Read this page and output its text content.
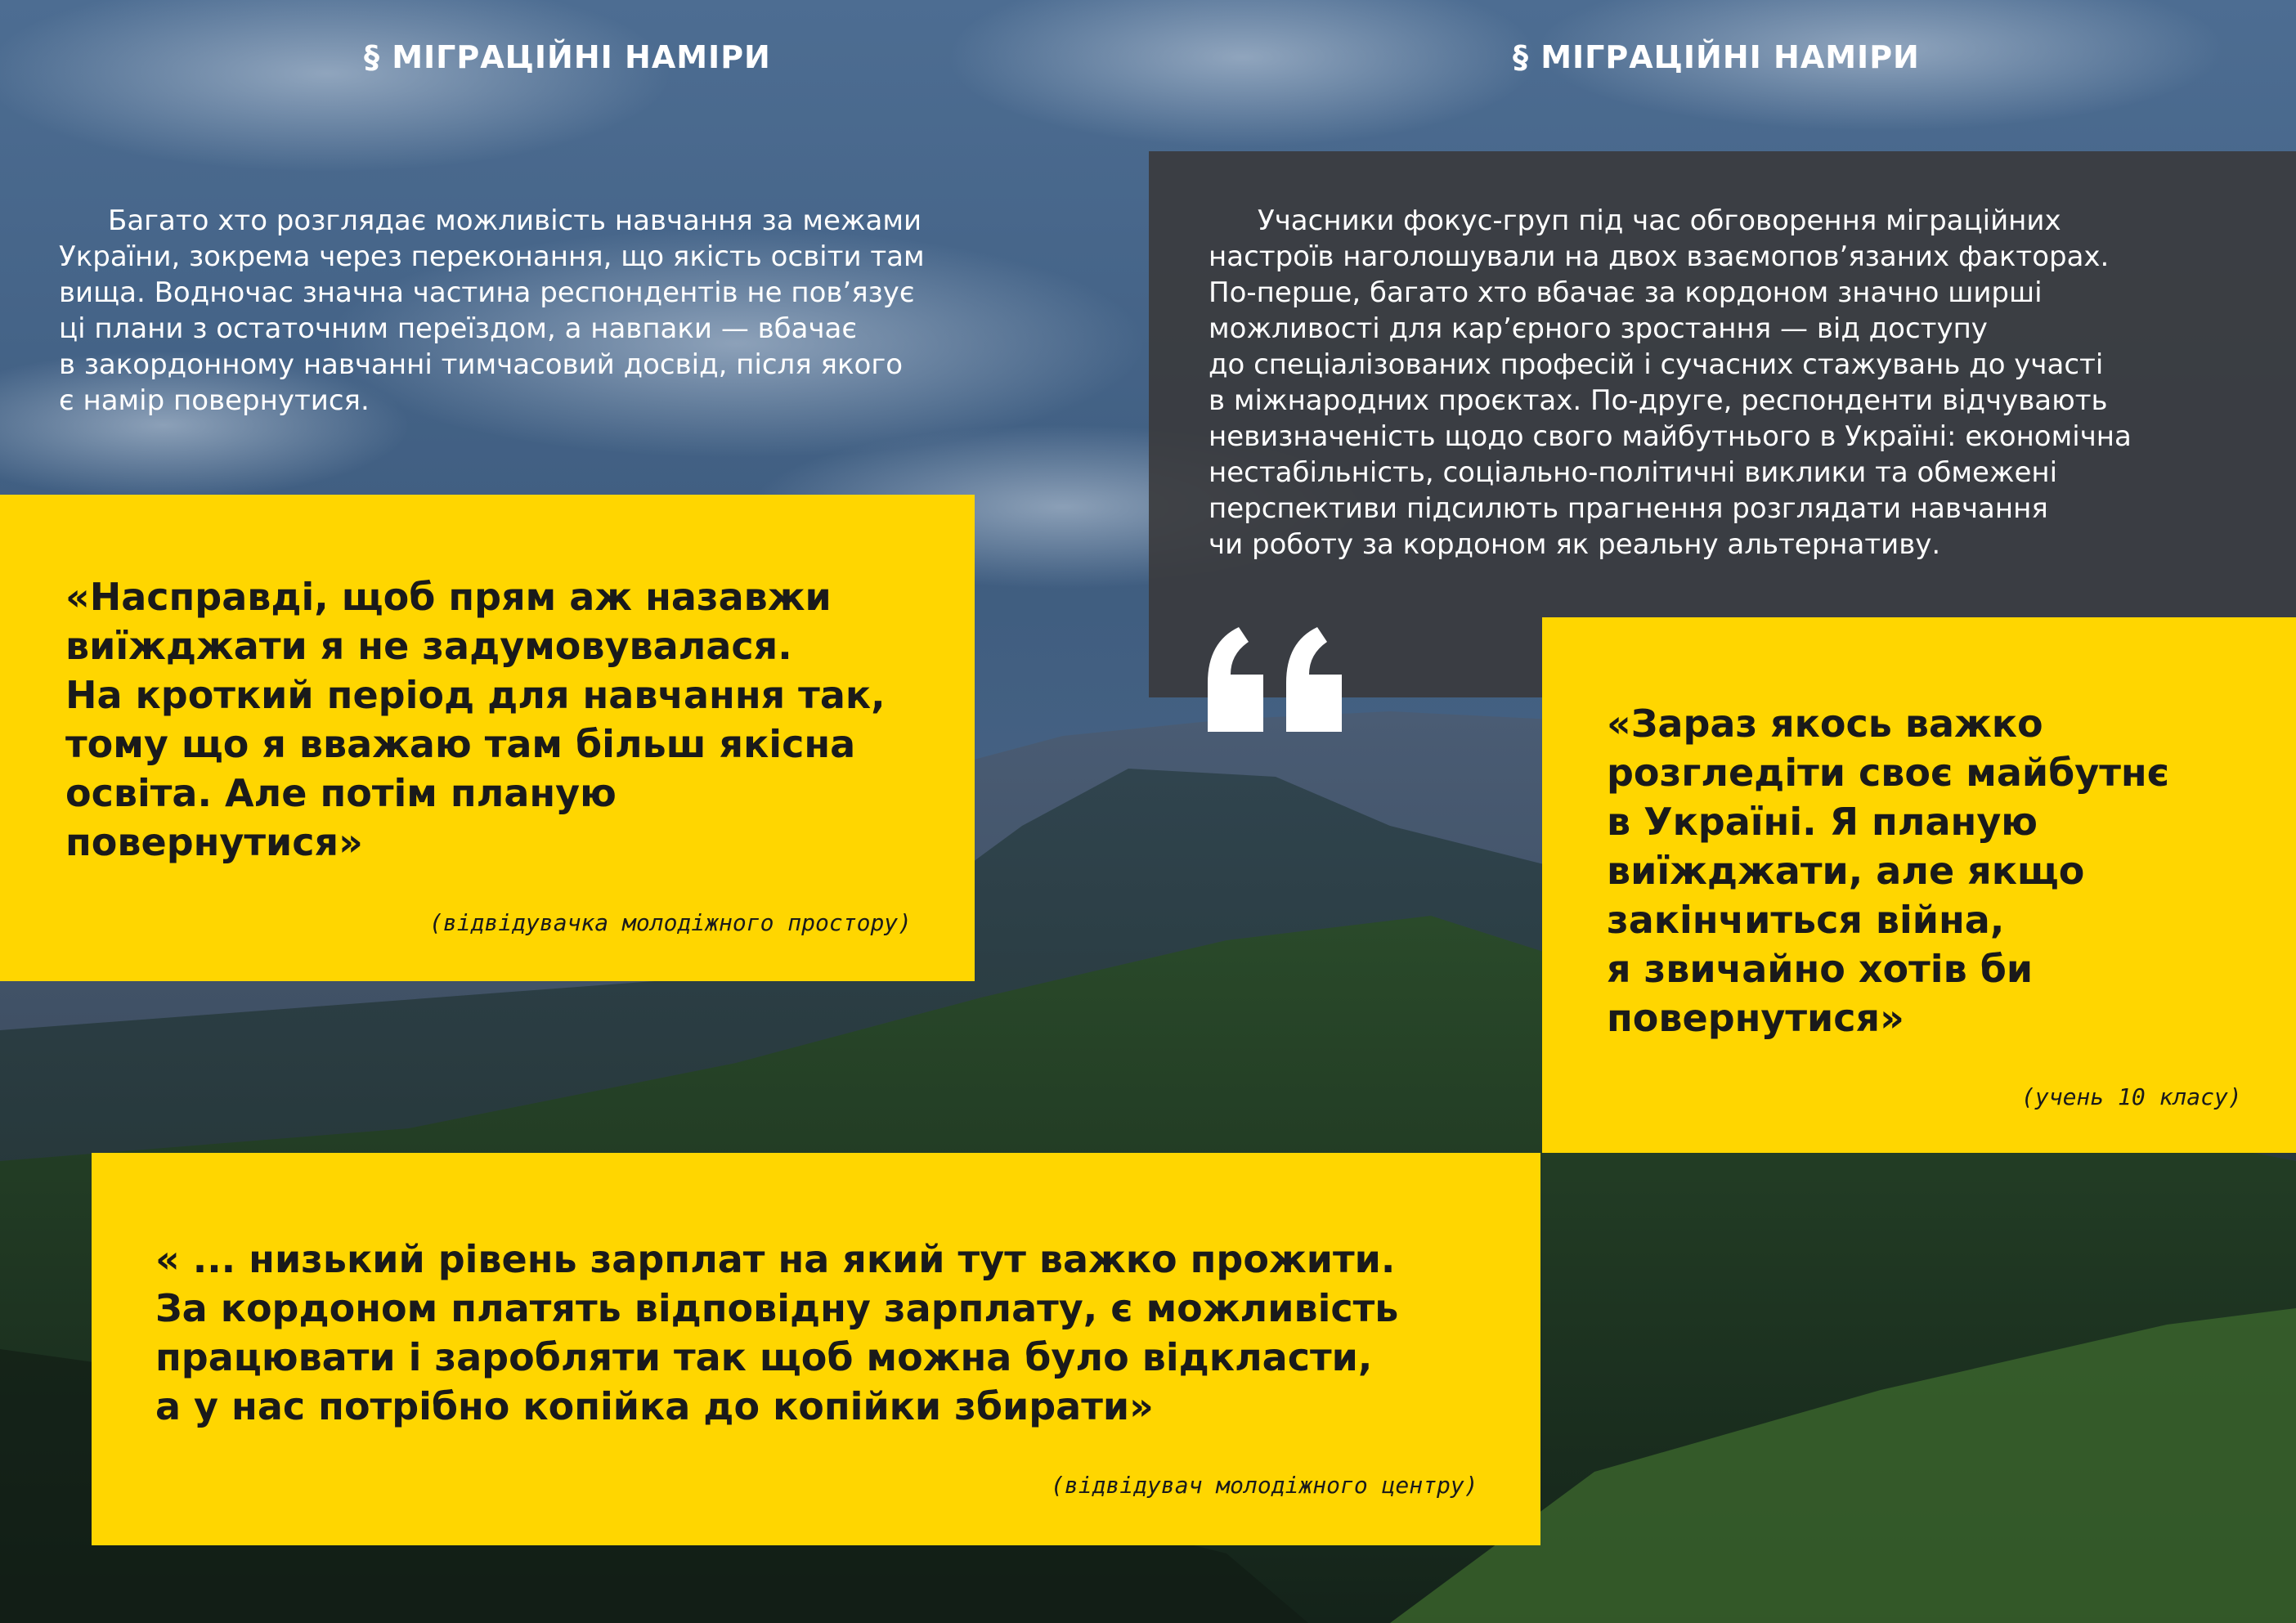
§ МІГРАЦІЙНІ НАМІРИ	§ МІГРАЦІЙНІ НАМІРИ

Багато хто розглядає можливість навчання за межами
України, зокрема через переконання, що якість освіти там
вища. Водночас значна частина респондентів не пов’язує
ці плани з остаточним переїздом, а навпаки — вбачає
в закордонному навчанні тимчасовий досвід, після якого
є намір повернутися.

Учасники фокус-груп під час обговорення міграційних
настроїв наголошували на двох взаємопов’язаних факторах.
По-перше, багато хто вбачає за кордоном значно ширші
можливості для кар’єрного зростання — від доступу
до спеціалізованих професій і сучасних стажувань до участі
в міжнародних проєктах. По-друге, респонденти відчувають
невизначеність щодо свого майбутнього в Україні: економічна
нестабільність, соціально-політичні виклики та обмежені
перспективи підсилють прагнення розглядати навчання
чи роботу за кордоном як реальну альтернативу.

«Насправді, щоб прям аж назавжи
виїжджати я не задумовувалася.
На кроткий період для навчання так,
тому що я вважаю там більш якісна
освіта. Але потім планую
повернутися»

(відвідувачка молодіжного простору)

«Зараз якось важко
розгледіти своє майбутнє
в Україні. Я планую
виїжджати, але якщо
закінчиться війна,
я звичайно хотів би
повернутися»

(учень 10 класу)

« ... низький рівень зарплат на який тут важко прожити.
За кордоном платять відповідну зарплату, є можливість
працювати і заробляти так щоб можна було відкласти,
а у нас потрібно копійка до копійки збирати»

(відвідувач молодіжного центру)
